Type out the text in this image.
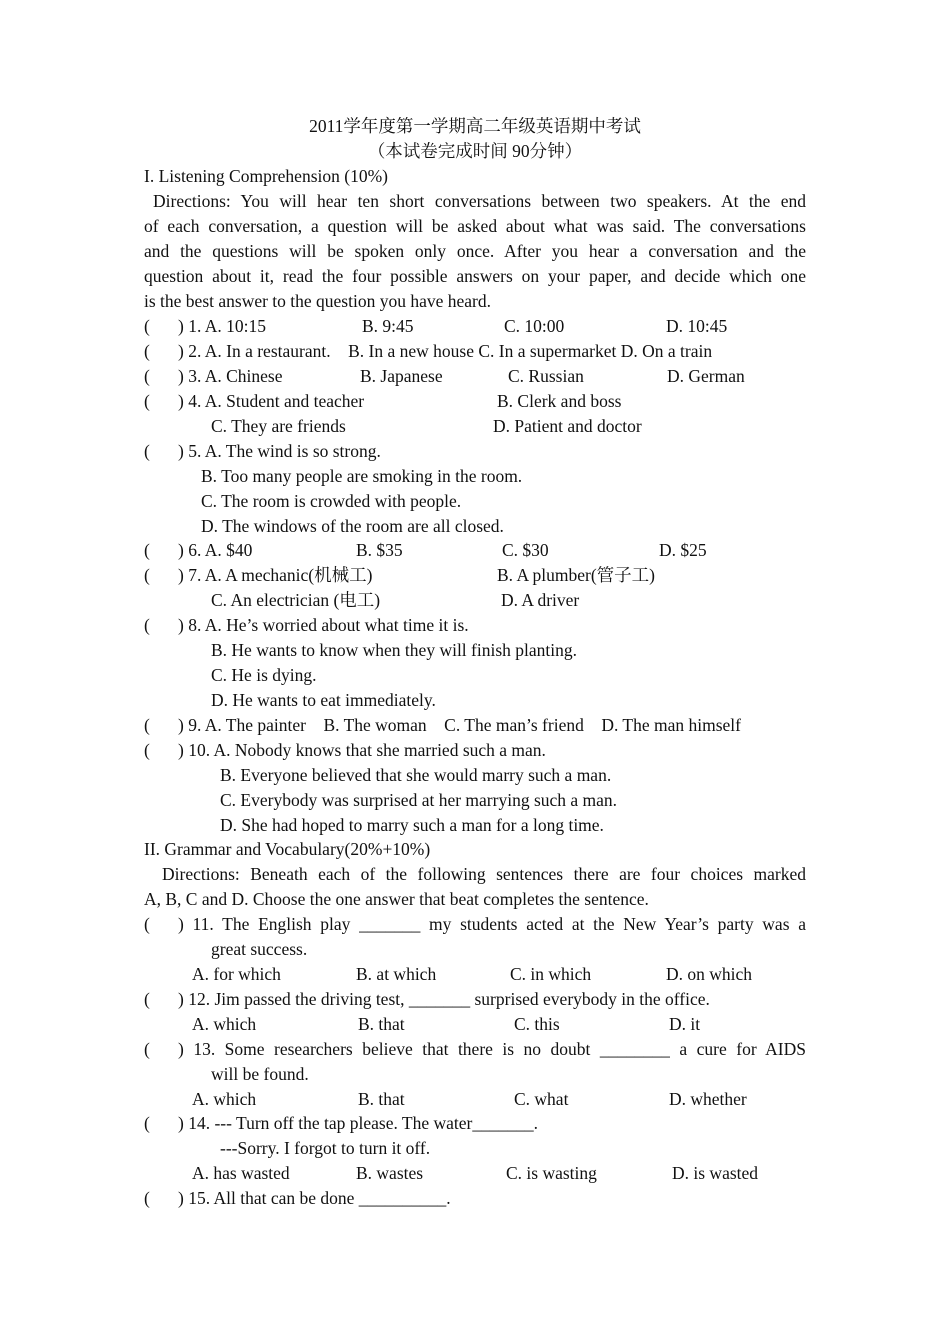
2011学年度第一学期高二年级英语期中考试
（本试卷完成时间 90分钟）
I. Listening Comprehension (10%)
Directions: You will hear ten short conversations between two speakers. At the end
of each conversation, a question will be asked about what was said. The conversations
and the questions will be spoken only once. After you hear a conversation and the
question about it, read the four possible answers on your paper, and decide which one
is the best answer to the question you have heard.
( ) 1. A. 10:15	B. 9:45	C. 10:00	D. 10:45
( ) 2. A. In a restaurant.    B. In a new house C. In a supermarket D. On a train
( ) 3. A. Chinese	B. Japanese	C. Russian	D. German
( ) 4. A. Student and teacher	B. Clerk and boss
C. They are friends	D. Patient and doctor
( ) 5. A. The wind is so strong.
B. Too many people are smoking in the room.
C. The room is crowded with people.
D. The windows of the room are all closed.
( ) 6. A. $40	B. $35	C. $30	D. $25
( ) 7. A. A mechanic(机械工)	B. A plumber(管子工)
C. An electrician (电工)	D. A driver
( ) 8. A. He’s worried about what time it is.
B. He wants to know when they will finish planting.
C. He is dying.
D. He wants to eat immediately.
( ) 9. A. The painter    B. The woman    C. The man’s friend    D. The man himself
( ) 10. A. Nobody knows that she married such a man.
B. Everyone believed that she would marry such a man.
C. Everybody was surprised at her marrying such a man.
D. She had hoped to marry such a man for a long time.
II. Grammar and Vocabulary(20%+10%)
Directions: Beneath each of the following sentences there are four choices marked
A, B, C and D. Choose the one answer that beat completes the sentence.
( ) 11. The English play _______ my students acted at the New Year’s party was a
great success.
A. for which	B. at which	C. in which	D. on which
( ) 12. Jim passed the driving test, _______ surprised everybody in the office.
A. which	B. that	C. this	D. it
( ) 13. Some researchers believe that there is no doubt ________ a cure for AIDS
will be found.
A. which	B. that	C. what	D. whether
( ) 14. --- Turn off the tap please. The water_______.
---Sorry. I forgot to turn it off.
A. has wasted	B. wastes	C. is wasting	D. is wasted
( ) 15. All that can be done __________.
